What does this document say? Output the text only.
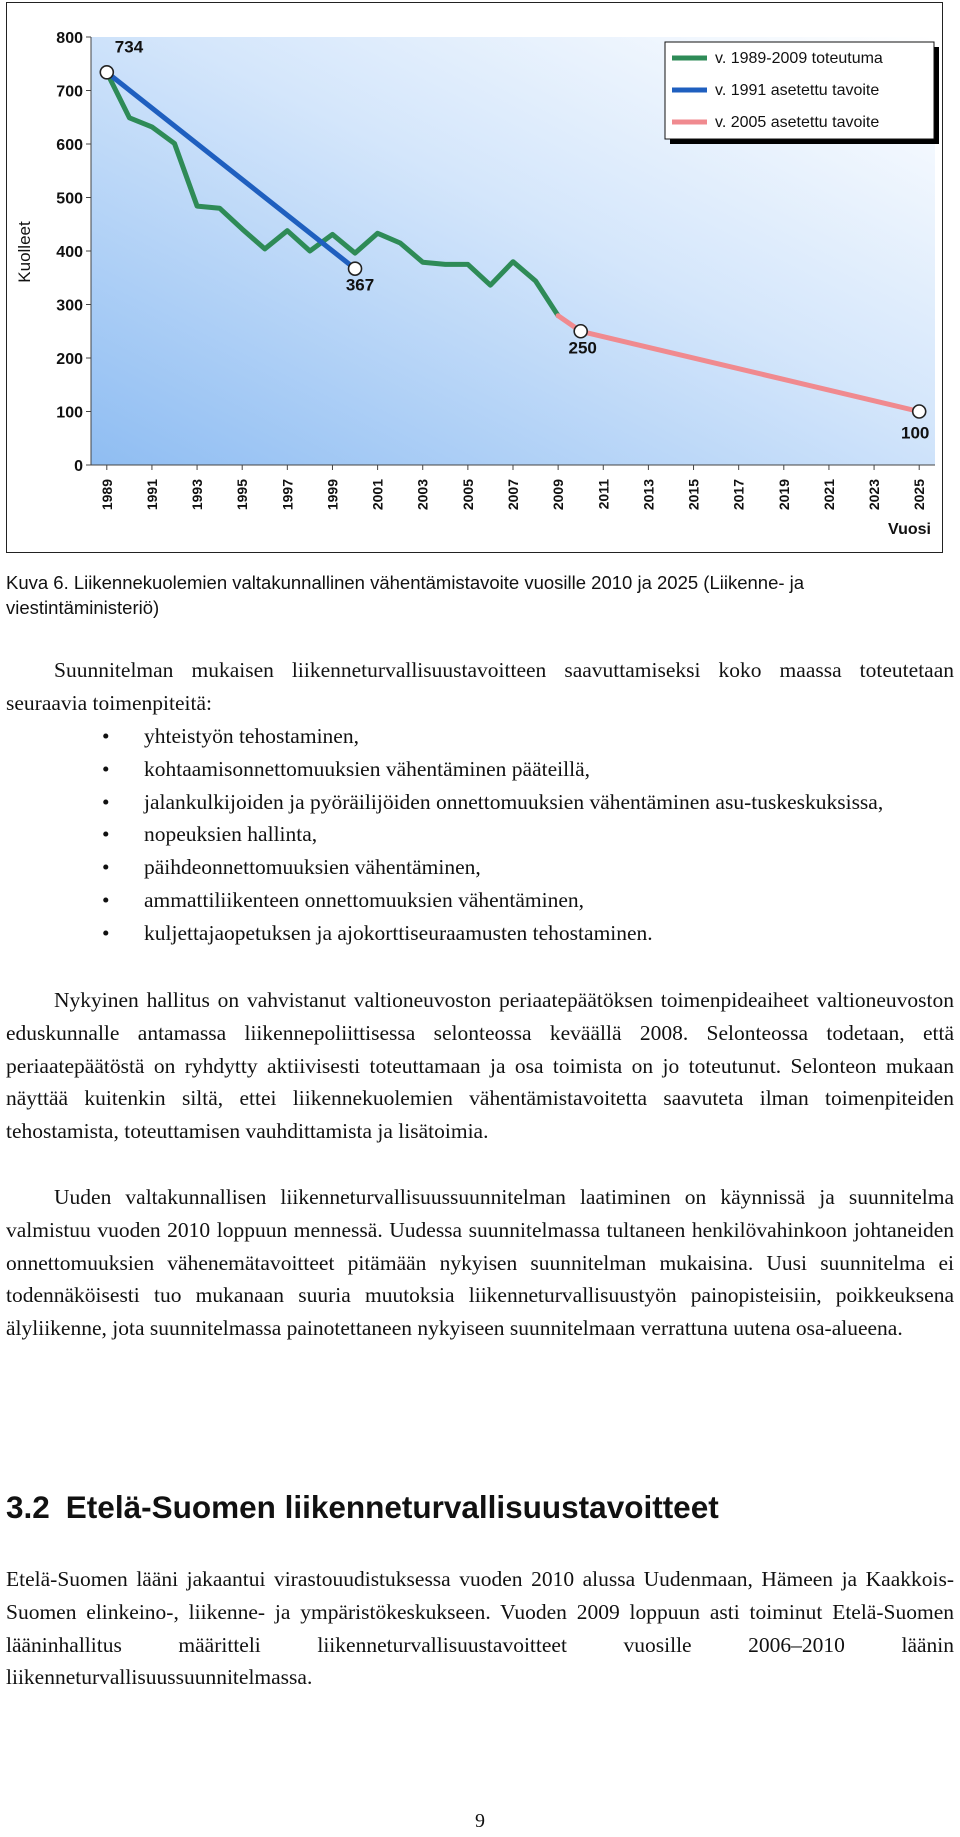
0
100
200
300
400
500
600
700
800
1989 1991 1993 1995 1997 1999 2001 2003 2005 2007 2009 2011 2013 2015 2017 2019 2021 2023 2025
734
367
250
100
Kuolleet
Vuosi
v. 1989-2009 toteutuma
v. 1991 asetettu tavoite
v. 2005 asetettu tavoite

Kuva 6. Liikennekuolemien valtakunnallinen vähentämistavoite vuosille 2010 ja 2025 (Liikenne- ja viestintäministeriö)

Suunnitelman mukaisen liikenneturvallisuustavoitteen saavuttamiseksi koko maassa toteutetaan seuraavia toimenpiteitä:

• yhteistyön tehostaminen,
• kohtaamisonnettomuuksien vähentäminen pääteillä,
• jalankulkijoiden ja pyöräilijöiden onnettomuuksien vähentäminen asu-tuskeskuksissa,
• nopeuksien hallinta,
• päihdeonnettomuuksien vähentäminen,
• ammattiliikenteen onnettomuuksien vähentäminen,
• kuljettajaopetuksen ja ajokorttiseuraamusten tehostaminen.

Nykyinen hallitus on vahvistanut valtioneuvoston periaatepäätöksen toimenpideaiheet valtioneuvoston eduskunnalle antamassa liikennepoliittisessa selonteossa keväällä 2008. Selonteossa todetaan, että periaatepäätöstä on ryhdytty aktiivisesti toteuttamaan ja osa toimista on jo toteutunut. Selonteon mukaan näyttää kuitenkin siltä, ettei liikennekuolemien vähentämistavoitetta saavuteta ilman toimenpiteiden tehostamista, toteuttamisen vauhdittamista ja lisätoimia.

Uuden valtakunnallisen liikenneturvallisuussuunnitelman laatiminen on käynnissä ja suunnitelma valmistuu vuoden 2010 loppuun mennessä. Uudessa suunnitelmassa tultaneen henkilövahinkoon johtaneiden onnettomuuksien vähenemätavoitteet pitämään nykyisen suunnitelman mukaisina. Uusi suunnitelma ei todennäköisesti tuo mukanaan suuria muutoksia liikenneturvallisuustyön painopisteisiin, poikkeuksena älyliikenne, jota suunnitelmassa painotettaneen nykyiseen suunnitelmaan verrattuna uutena osa-alueena.

3.2 Etelä-Suomen liikenneturvallisuustavoitteet

Etelä-Suomen lääni jakaantui virastouudistuksessa vuoden 2010 alussa Uudenmaan, Hämeen ja Kaakkois-Suomen elinkeino-, liikenne- ja ympäristökeskukseen. Vuoden 2009 loppuun asti toiminut Etelä-Suomen lääninhallitus määritteli liikenneturvallisuustavoitteet vuosille 2006–2010 läänin liikenneturvallisuussuunnitelmassa.

9
